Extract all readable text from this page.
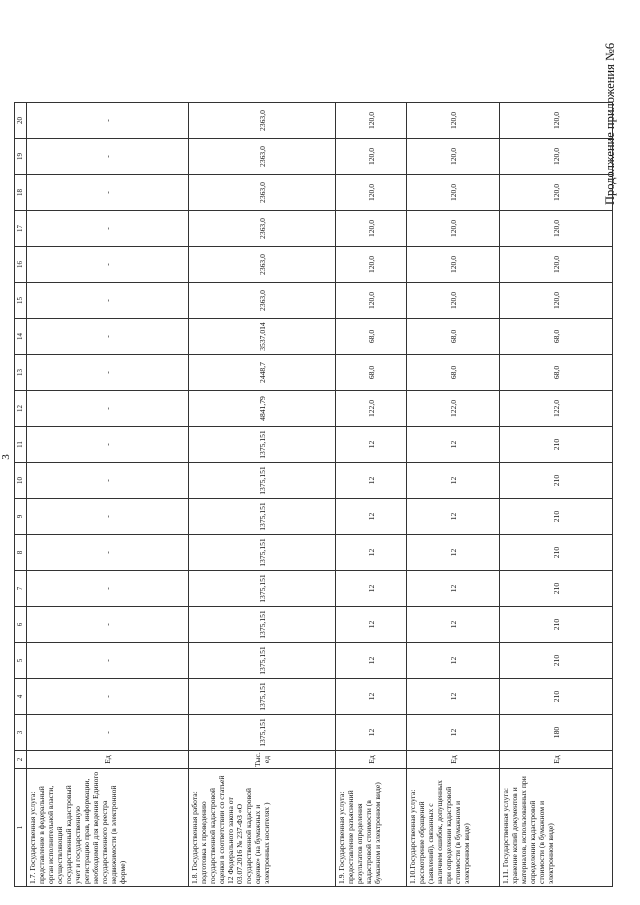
3
Продолжение приложения №6
1	2	3	4	5	6	7	8	9	10	11	12	13	14	15	16	17	18	19	20
1.7. Государственная услуга: представление в федеральный орган исполнительной власти, осуществляющий государственный кадастровый учет и государственную регистрацию прав, информации, необходимой для ведения Единого государственного реестра недвижимости (в электронной форме)	Ед	-	-	-	-	-	-	-	-	-	-	-	-	-	-	-	-	-	-
1.8. Государственная работа: подготовка к проведению государственной кадастровой оценки в соответствии со статьей 12 Федерального закона от 03.07.2016 № 237-ФЗ «О государственной кадастровой оценке» (на бумажных и электронных носителях )	Тыс.ед	1375,151	1375,151	1375,151	1375,151	1375,151	1375,151	1375,151	1375,151	1375,151	4841,79	2448,7	3537,014	2363,0	2363,0	2363,0	2363,0	2363,0	2363,0
1.9. Государственная услуга: предоставление разъяснений результатов определения кадастровой стоимости (в бумажном и электронном виде)	Ед	12	12	12	12	12	12	12	12	12	122,0	68,0	68,0	120,0	120,0	120,0	120,0	120,0	120,0
1.10.Государственная услуга: рассмотрение обращений (заявлений), связанных с наличием ошибок, допущенных при определении кадастровой стоимости (в бумажном и электронном виде)	Ед	12	12	12	12	12	12	12	12	12	122,0	68,0	68,0	120,0	120,0	120,0	120,0	120,0	120,0
1.11. Государственная услуга: хранение копий документов и материалов, использованных при определении кадастровой стоимости (в бумажном и электронном виде)	Ед	180	210	210	210	210	210	210	210	210	122,0	68,0	68,0	120,0	120,0	120,0	120,0	120,0	120,0
